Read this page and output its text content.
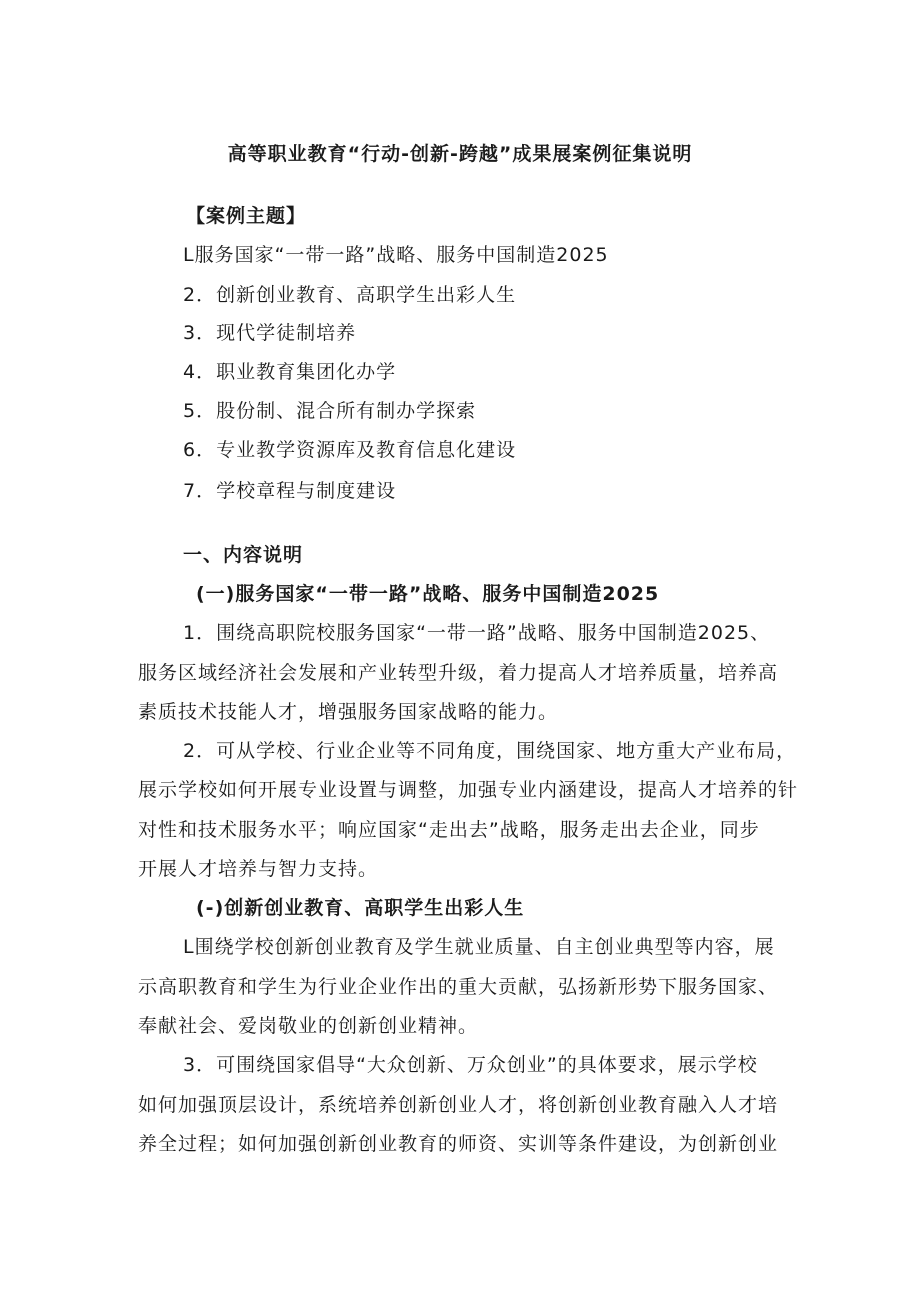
高等职业教育“行动-创新-跨越”成果展案例征集说明
【案例主题】
L服务国家“一带一路”战略、服务中国制造2025
2．创新创业教育、高职学生出彩人生
3．现代学徒制培养
4．职业教育集团化办学
5．股份制、混合所有制办学探索
6．专业教学资源库及教育信息化建设
7．学校章程与制度建设
一、内容说明
(一)服务国家“一带一路”战略、服务中国制造2025
1．围绕高职院校服务国家“一带一路”战略、服务中国制造2025、
服务区域经济社会发展和产业转型升级，着力提高人才培养质量，培养高
素质技术技能人才，增强服务国家战略的能力。
2．可从学校、行业企业等不同角度，围绕国家、地方重大产业布局，
展示学校如何开展专业设置与调整，加强专业内涵建设，提高人才培养的针
对性和技术服务水平；响应国家“走出去”战略，服务走出去企业，同步
开展人才培养与智力支持。
(-)创新创业教育、高职学生出彩人生
L围绕学校创新创业教育及学生就业质量、自主创业典型等内容，展
示高职教育和学生为行业企业作出的重大贡献，弘扬新形势下服务国家、
奉献社会、爱岗敬业的创新创业精神。
3．可围绕国家倡导“大众创新、万众创业”的具体要求，展示学校
如何加强顶层设计，系统培养创新创业人才，将创新创业教育融入人才培
养全过程；如何加强创新创业教育的师资、实训等条件建设，为创新创业
